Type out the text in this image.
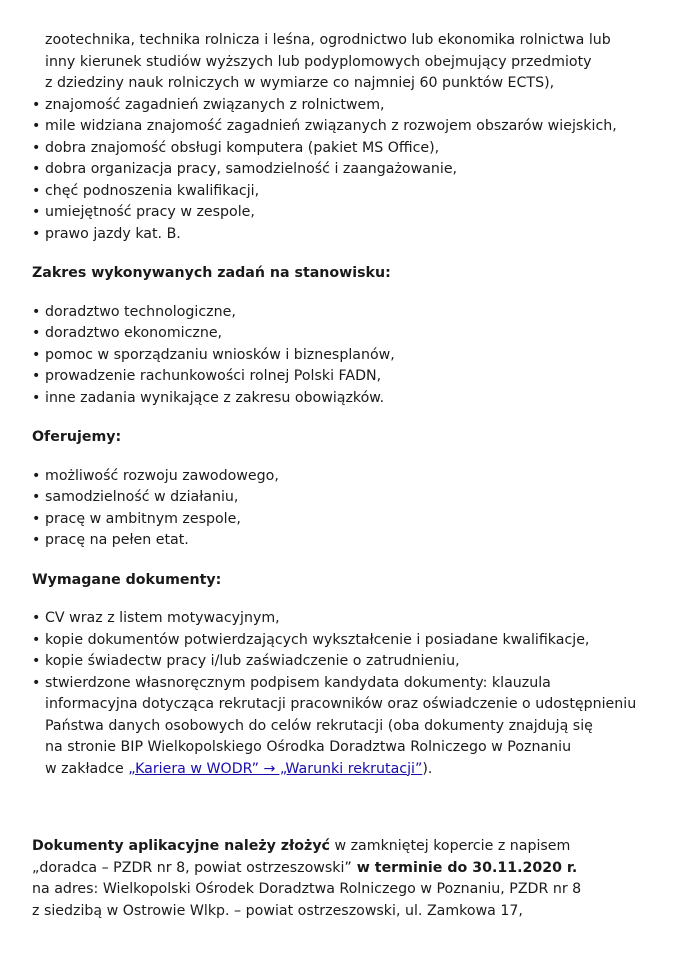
zootechnika, technika rolnicza i leśna, ogrodnictwo lub ekonomika rolnictwa lub
inny kierunek studiów wyższych lub podyplomowych obejmujący przedmioty
z dziedziny nauk rolniczych w wymiarze co najmniej 60 punktów ECTS),
• znajomość zagadnień związanych z rolnictwem,
• mile widziana znajomość zagadnień związanych z rozwojem obszarów wiejskich,
• dobra znajomość obsługi komputera (pakiet MS Office),
• dobra organizacja pracy, samodzielność i zaangażowanie,
• chęć podnoszenia kwalifikacji,
• umiejętność pracy w zespole,
• prawo jazdy kat. B.
Zakres wykonywanych zadań na stanowisku:
• doradztwo technologiczne,
• doradztwo ekonomiczne,
• pomoc w sporządzaniu wniosków i biznesplanów,
• prowadzenie rachunkowości rolnej Polski FADN,
• inne zadania wynikające z zakresu obowiązków.
Oferujemy:
• możliwość rozwoju zawodowego,
• samodzielność w działaniu,
• pracę w ambitnym zespole,
• pracę na pełen etat.
Wymagane dokumenty:
• CV wraz z listem motywacyjnym,
• kopie dokumentów potwierdzających wykształcenie i posiadane kwalifikacje,
• kopie świadectw pracy i/lub zaświadczenie o zatrudnieniu,
• stwierdzone własnoręcznym podpisem kandydata dokumenty: klauzula
informacyjna dotycząca rekrutacji pracowników oraz oświadczenie o udostępnieniu
Państwa danych osobowych do celów rekrutacji (oba dokumenty znajdują się
na stronie BIP Wielkopolskiego Ośrodka Doradztwa Rolniczego w Poznaniu
w zakładce „Kariera w WODR” → „Warunki rekrutacji”).
Dokumenty aplikacyjne należy złożyć w zamkniętej kopercie z napisem
„doradca – PZDR nr 8, powiat ostrzeszowski” w terminie do 30.11.2020 r.
na adres: Wielkopolski Ośrodek Doradztwa Rolniczego w Poznaniu, PZDR nr 8
z siedzibą w Ostrowie Wlkp. – powiat ostrzeszowski, ul. Zamkowa 17,
